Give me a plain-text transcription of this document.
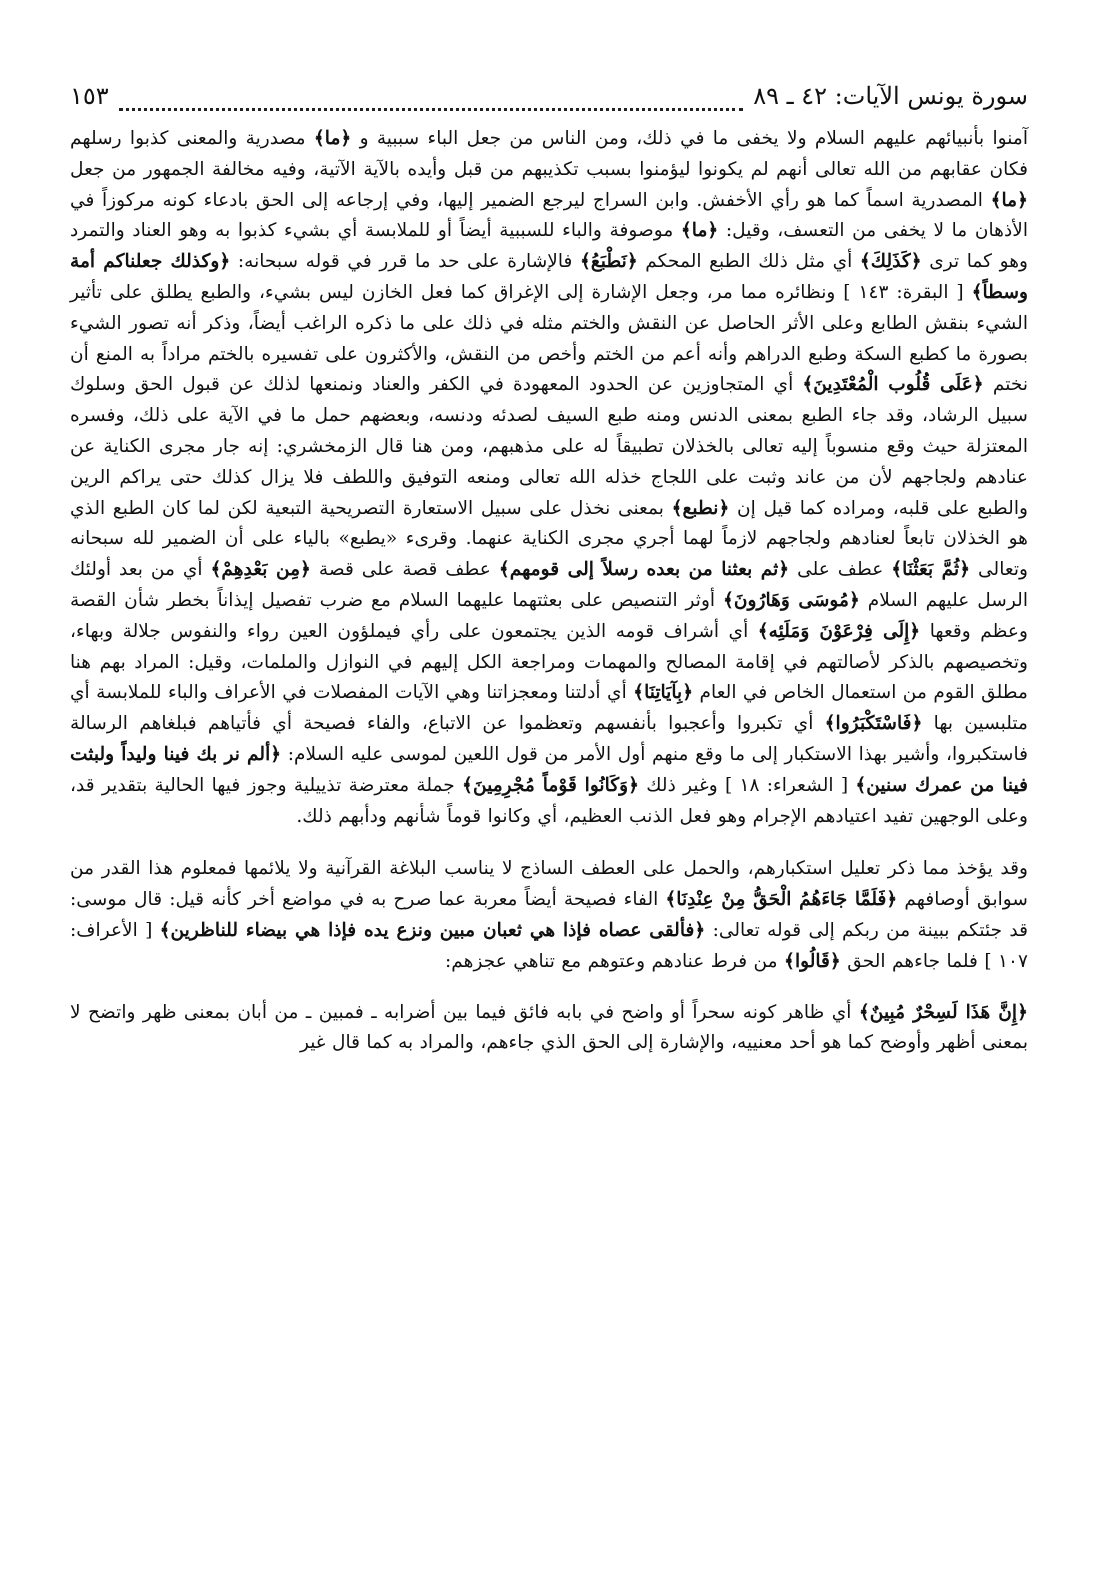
سورة يونس الآيات: ٤٢ ـ ٨٩
١٥٣

آمنوا بأنبيائهم عليهم السلام ولا يخفى ما في ذلك، ومن الناس من جعل الباء سببية و ﴿ما﴾ مصدرية والمعنى كذبوا رسلهم فكان عقابهم من الله تعالى أنهم لم يكونوا ليؤمنوا بسبب تكذيبهم من قبل وأيده بالآية الآتية، وفيه مخالفة الجمهور من جعل ﴿ما﴾ المصدرية اسماً كما هو رأي الأخفش. وابن السراج ليرجع الضمير إليها، وفي إرجاعه إلى الحق بادعاء كونه مركوزاً في الأذهان ما لا يخفى من التعسف، وقيل: ﴿ما﴾ موصوفة والباء للسببية أيضاً أو للملابسة أي بشيء كذبوا به وهو العناد والتمرد وهو كما ترى ﴿كَذَلِكَ﴾ أي مثل ذلك الطبع المحكم ﴿نَطْبَعُ﴾ فالإشارة على حد ما قرر في قوله سبحانه: ﴿وكذلك جعلناكم أمة وسطاً﴾ [ البقرة: ١٤٣ ] ونظائره مما مر، وجعل الإشارة إلى الإغراق كما فعل الخازن ليس بشيء، والطبع يطلق على تأثير الشيء بنقش الطابع وعلى الأثر الحاصل عن النقش والختم مثله في ذلك على ما ذكره الراغب أيضاً، وذكر أنه تصور الشيء بصورة ما كطبع السكة وطبع الدراهم وأنه أعم من الختم وأخص من النقش، والأكثرون على تفسيره بالختم مراداً به المنع أن نختم ﴿عَلَى قُلُوب الْمُعْتَدِينَ﴾ أي المتجاوزين عن الحدود المعهودة في الكفر والعناد ونمنعها لذلك عن قبول الحق وسلوك سبيل الرشاد، وقد جاء الطبع بمعنى الدنس ومنه طبع السيف لصدئه ودنسه، وبعضهم حمل ما في الآية على ذلك، وفسره المعتزلة حيث وقع منسوباً إليه تعالى بالخذلان تطبيقاً له على مذهبهم، ومن هنا قال الزمخشري: إنه جار مجرى الكناية عن عنادهم ولجاجهم لأن من عاند وثبت على اللجاج خذله الله تعالى ومنعه التوفيق واللطف فلا يزال كذلك حتى يراكم الرين والطبع على قلبه، ومراده كما قيل إن ﴿نطبع﴾ بمعنى نخذل على سبيل الاستعارة التصريحية التبعية لكن لما كان الطبع الذي هو الخذلان تابعاً لعنادهم ولجاجهم لازماً لهما أجري مجرى الكناية عنهما. وقرىء «يطبع» بالياء على أن الضمير لله سبحانه وتعالى ﴿ثُمَّ بَعَثْنَا﴾ عطف على ﴿ثم بعثنا من بعده رسلاً إلى قومهم﴾ عطف قصة على قصة ﴿مِن بَعْدِهِمْ﴾ أي من بعد أولئك الرسل عليهم السلام ﴿مُوسَى وَهَارُونَ﴾ أوثر التنصيص على بعثتهما عليهما السلام مع ضرب تفصيل إيذاناً بخطر شأن القصة وعظم وقعها ﴿إِلَى فِرْعَوْنَ وَمَلَئِه﴾ أي أشراف قومه الذين يجتمعون على رأي فيملؤون العين رواء والنفوس جلالة وبهاء، وتخصيصهم بالذكر لأصالتهم في إقامة المصالح والمهمات ومراجعة الكل إليهم في النوازل والملمات، وقيل: المراد بهم هنا مطلق القوم من استعمال الخاص في العام ﴿بِآيَاتِنَا﴾ أي أدلتنا ومعجزاتنا وهي الآيات المفصلات في الأعراف والباء للملابسة أي متلبسين بها ﴿فَاسْتَكْبَرُوا﴾ أي تكبروا وأعجبوا بأنفسهم وتعظموا عن الاتباع، والفاء فصيحة أي فأتياهم فبلغاهم الرسالة فاستكبروا، وأشير بهذا الاستكبار إلى ما وقع منهم أول الأمر من قول اللعين لموسى عليه السلام: ﴿ألم نر بك فينا وليداً ولبثت فينا من عمرك سنين﴾ [ الشعراء: ١٨ ] وغير ذلك ﴿وَكَانُوا قَوْماً مُجْرِمِينَ﴾ جملة معترضة تذييلية وجوز فيها الحالية بتقدير قد، وعلى الوجهين تفيد اعتيادهم الإجرام وهو فعل الذنب العظيم، أي وكانوا قوماً شأنهم ودأبهم ذلك.

وقد يؤخذ مما ذكر تعليل استكبارهم، والحمل على العطف الساذج لا يناسب البلاغة القرآنية ولا يلائمها فمعلوم هذا القدر من سوابق أوصافهم ﴿فَلَمَّا جَاءَهُمُ الْحَقُّ مِنْ عِنْدِنَا﴾ الفاء فصيحة أيضاً معربة عما صرح به في مواضع أخر كأنه قيل: قال موسى: قد جئتكم ببينة من ربكم إلى قوله تعالى: ﴿فألقى عصاه فإذا هي ثعبان مبين ونزع يده فإذا هي بيضاء للناظرين﴾ [ الأعراف: ١٠٧ ] فلما جاءهم الحق ﴿قَالُوا﴾ من فرط عنادهم وعتوهم مع تناهي عجزهم:

﴿إِنَّ هَذَا لَسِحْرٌ مُبِينٌ﴾ أي ظاهر كونه سحراً أو واضح في بابه فائق فيما بين أضرابه ـ فمبين ـ من أبان بمعنى ظهر واتضح لا بمعنى أظهر وأوضح كما هو أحد معنييه، والإشارة إلى الحق الذي جاءهم، والمراد به كما قال غير
